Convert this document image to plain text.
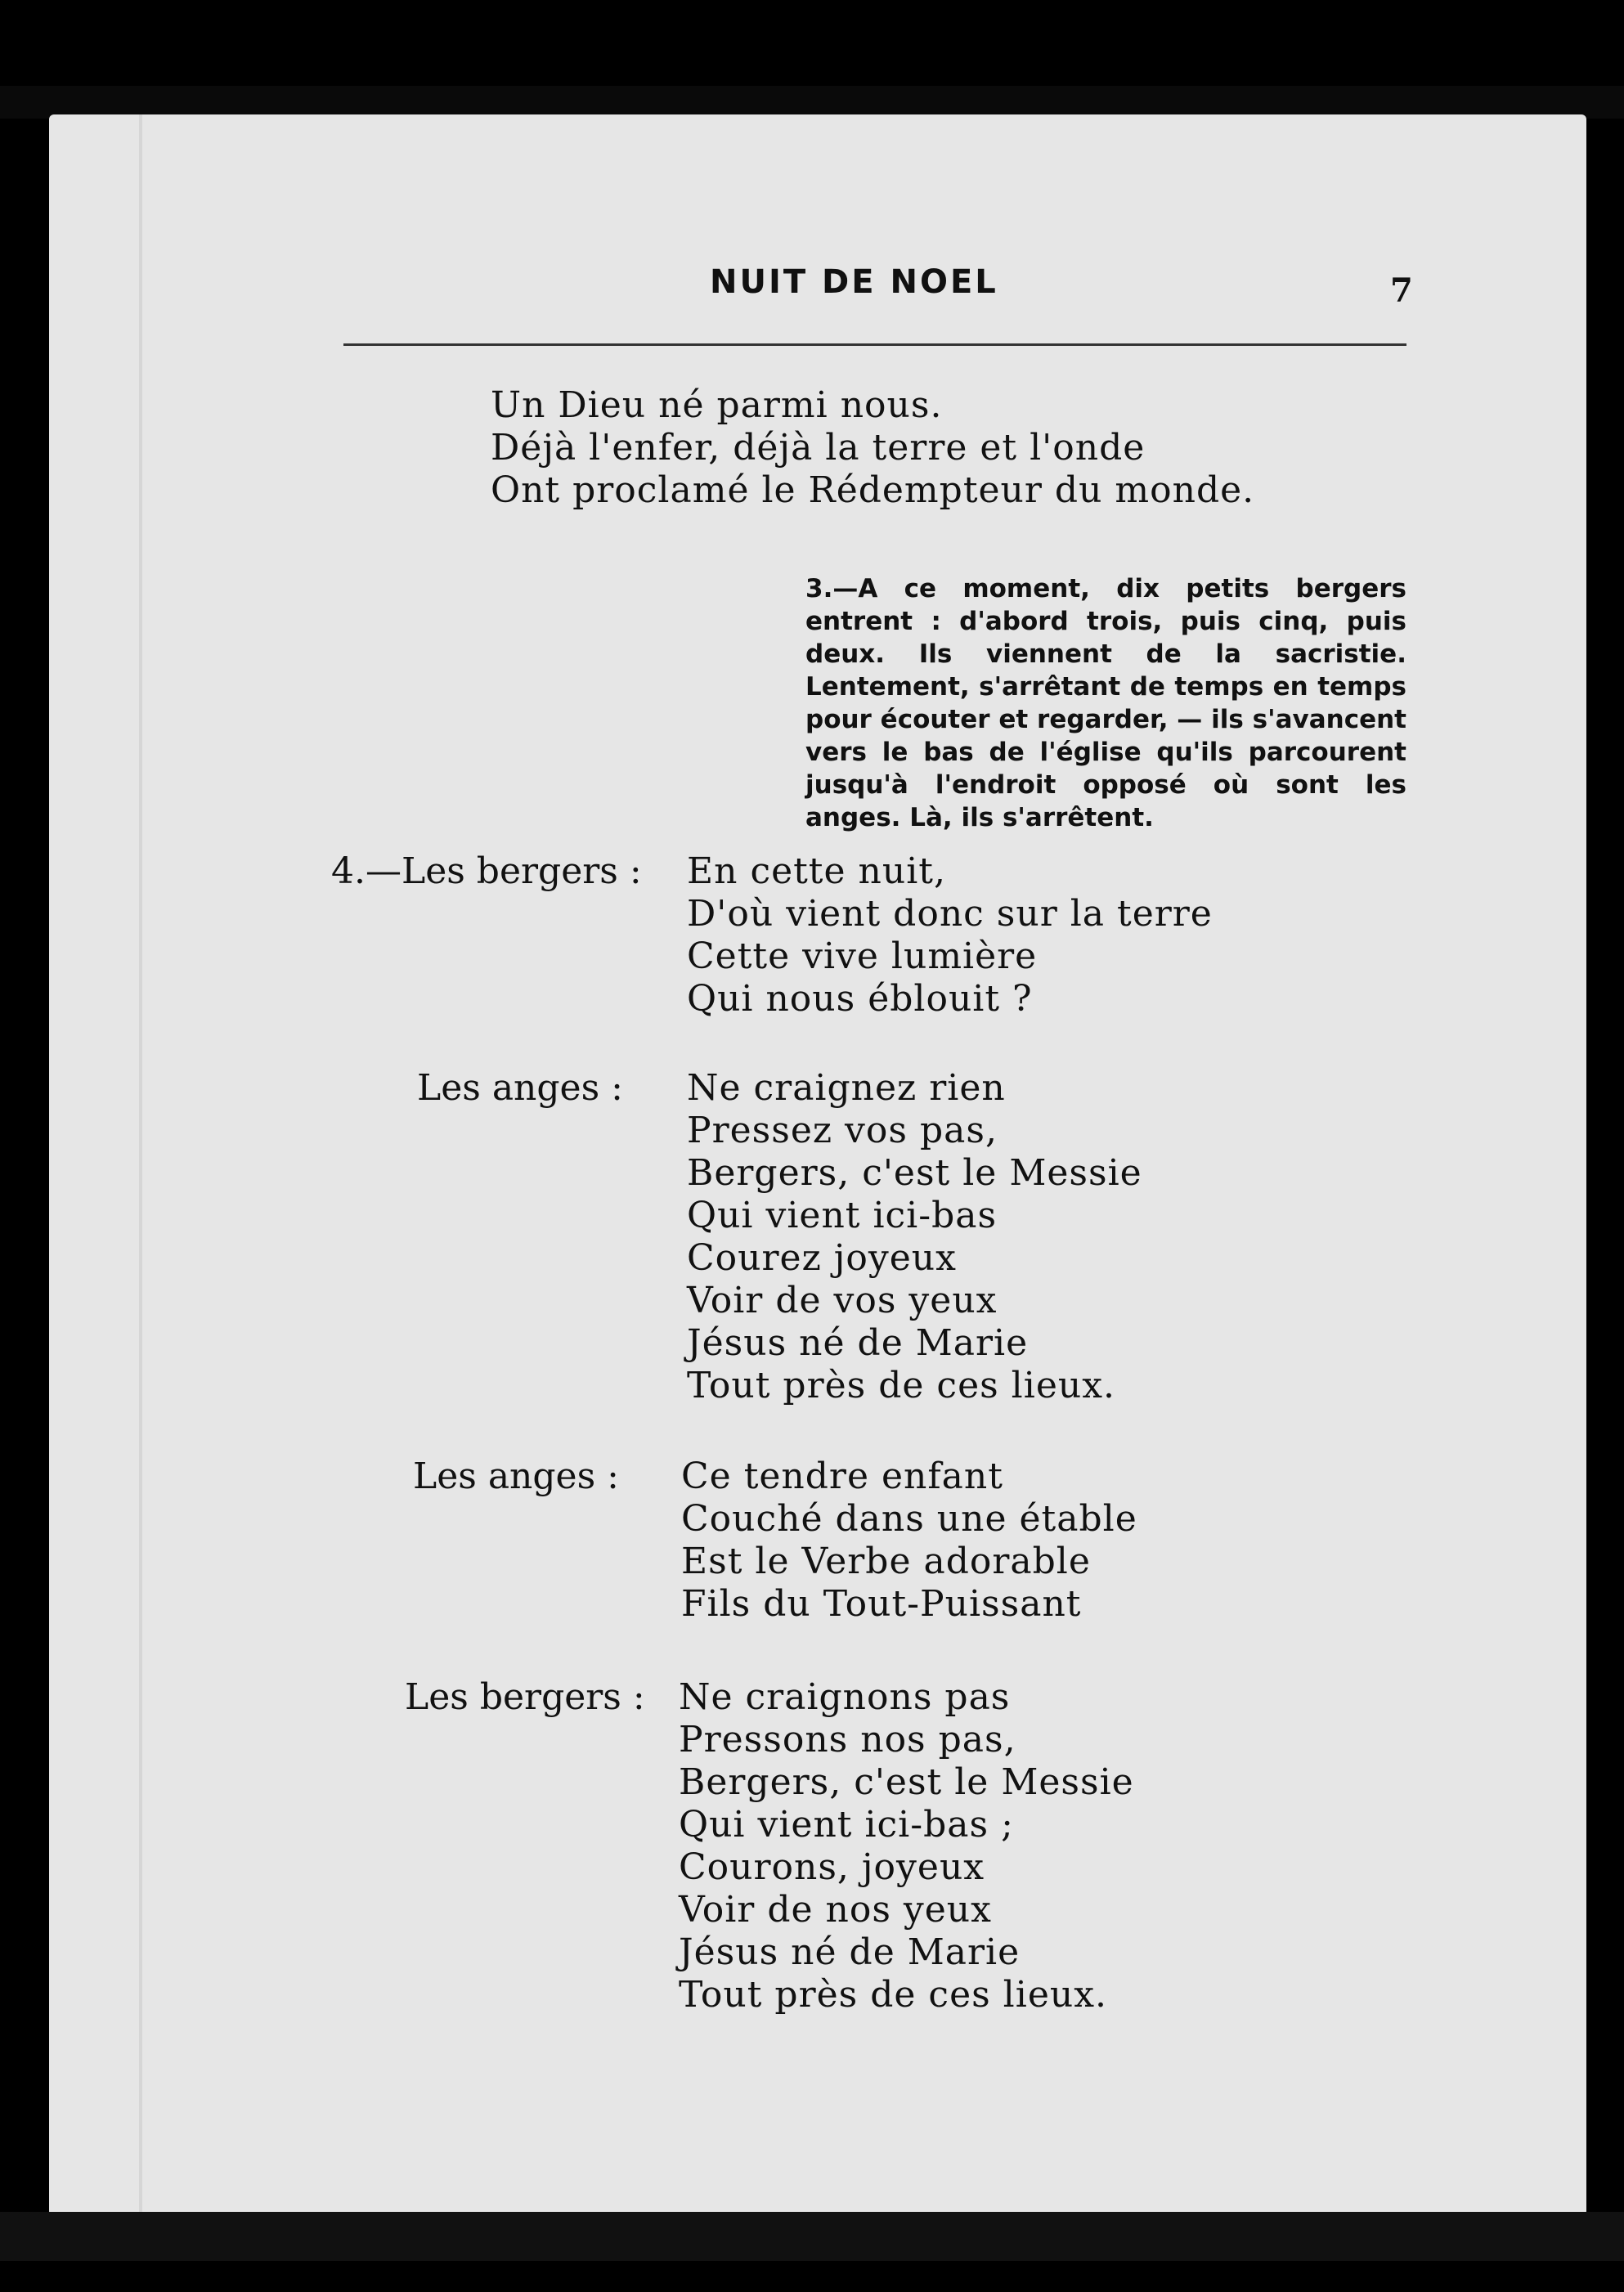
NUIT DE NOEL	7
Un Dieu né parmi nous.
Déjà l'enfer, déjà la terre et l'onde
Ont proclamé le Rédempteur du monde.
3.—A ce moment, dix petits bergers entrent : d'abord trois, puis cinq, puis deux. Ils viennent de la sacristie. Lentement, s'arrêtant de temps en temps pour écouter et regarder, — ils s'avancent vers le bas de l'église qu'ils parcourent jusqu'à l'endroit opposé où sont les anges. Là, ils s'arrêtent.
4.—Les bergers : En cette nuit,
D'où vient donc sur la terre
Cette vive lumière
Qui nous éblouit ?
Les anges : Ne craignez rien
Pressez vos pas,
Bergers, c'est le Messie
Qui vient ici-bas
Courez joyeux
Voir de vos yeux
Jésus né de Marie
Tout près de ces lieux.
Les anges : Ce tendre enfant
Couché dans une étable
Est le Verbe adorable
Fils du Tout-Puissant
Les bergers : Ne craignons pas
Pressons nos pas,
Bergers, c'est le Messie
Qui vient ici-bas ;
Courons, joyeux
Voir de nos yeux
Jésus né de Marie
Tout près de ces lieux.
